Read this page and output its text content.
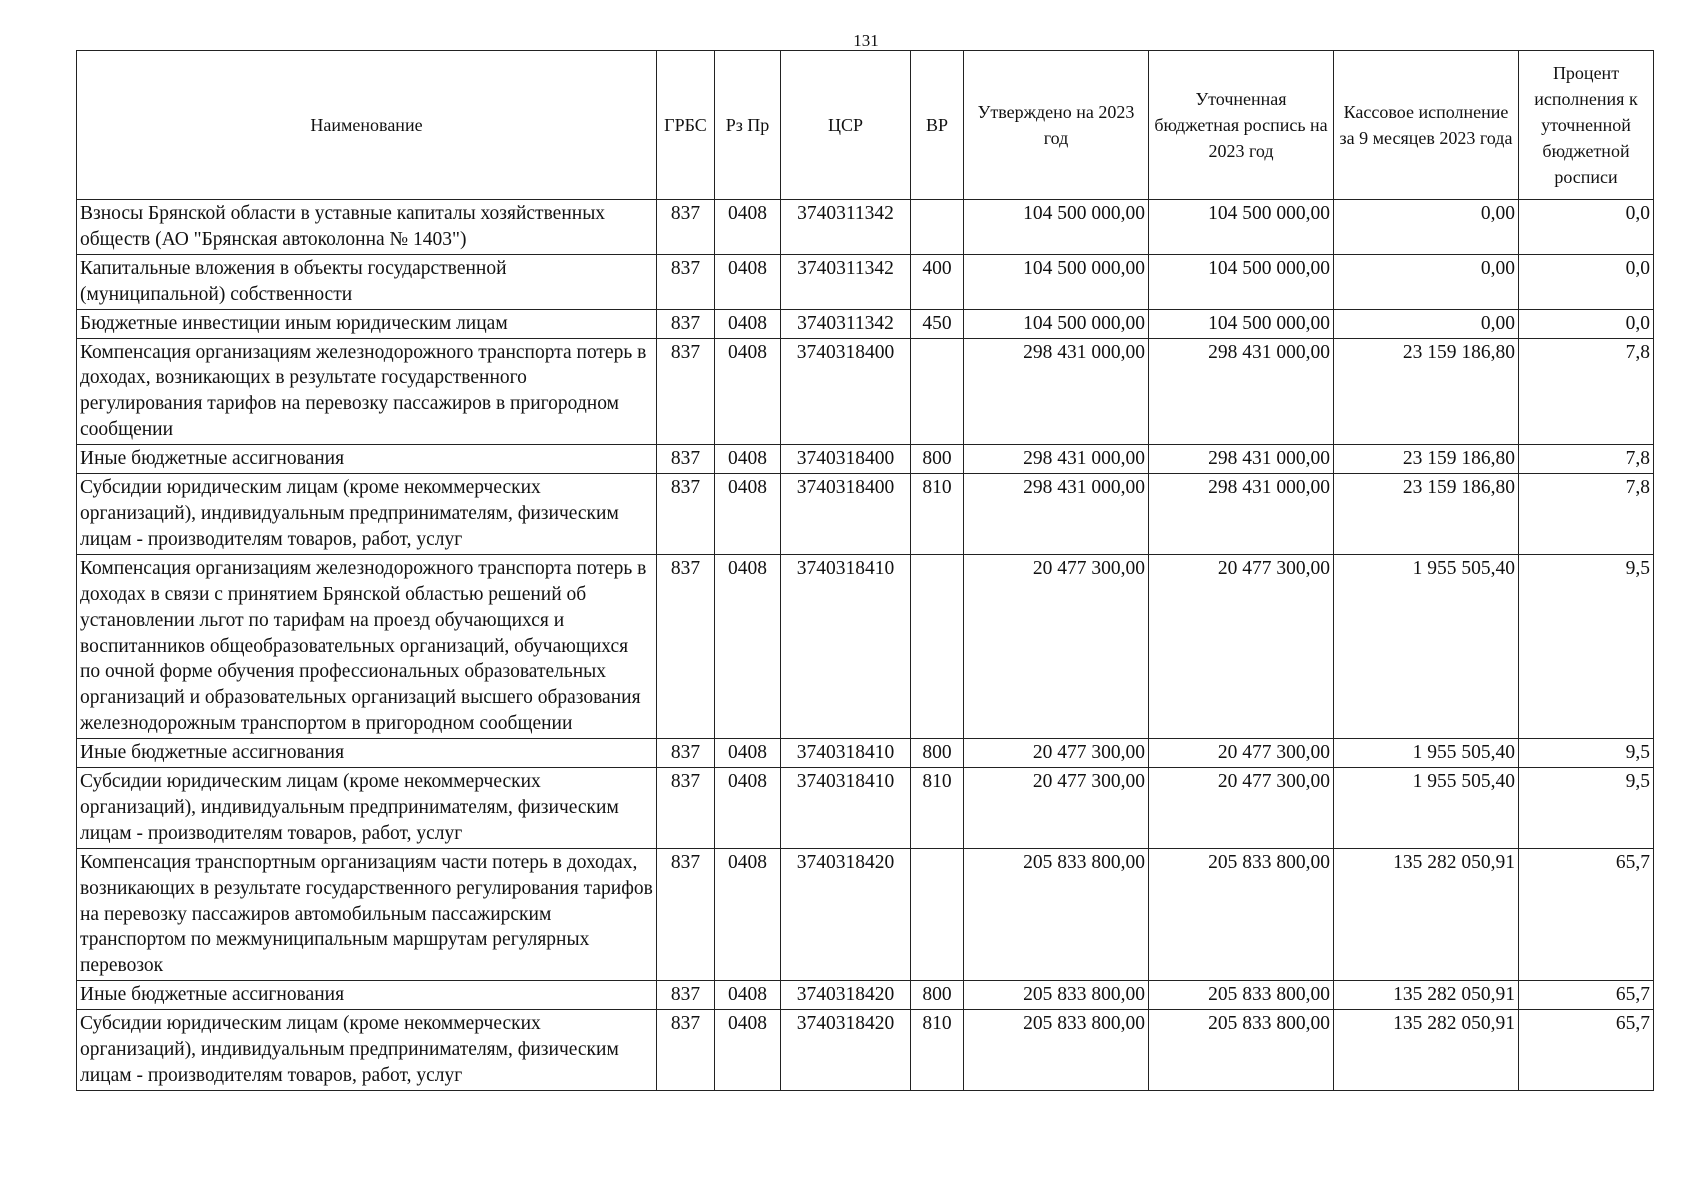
131
Наименование	ГРБС	Рз Пр	ЦСР	ВР	Утверждено на 2023 год	Уточненная бюджетная роспись на 2023 год	Кассовое исполнение за 9 месяцев 2023 года	Процент исполнения к уточненной бюджетной росписи
Взносы Брянской области в уставные капиталы хозяйственных обществ (АО "Брянская автоколонна № 1403")	837	0408	3740311342		104 500 000,00	104 500 000,00	0,00	0,0
Капитальные вложения в объекты государственной (муниципальной) собственности	837	0408	3740311342	400	104 500 000,00	104 500 000,00	0,00	0,0
Бюджетные инвестиции иным юридическим лицам	837	0408	3740311342	450	104 500 000,00	104 500 000,00	0,00	0,0
Компенсация организациям железнодорожного транспорта потерь в доходах, возникающих в результате государственного регулирования тарифов на перевозку пассажиров в пригородном сообщении	837	0408	3740318400		298 431 000,00	298 431 000,00	23 159 186,80	7,8
Иные бюджетные ассигнования	837	0408	3740318400	800	298 431 000,00	298 431 000,00	23 159 186,80	7,8
Субсидии юридическим лицам (кроме некоммерческих организаций), индивидуальным предпринимателям, физическим лицам - производителям товаров, работ, услуг	837	0408	3740318400	810	298 431 000,00	298 431 000,00	23 159 186,80	7,8
Компенсация организациям железнодорожного транспорта потерь в доходах в связи с принятием Брянской областью решений об установлении льгот по тарифам на проезд обучающихся и воспитанников общеобразовательных организаций, обучающихся по очной форме обучения профессиональных образовательных организаций и образовательных организаций высшего образования железнодорожным транспортом в пригородном сообщении	837	0408	3740318410		20 477 300,00	20 477 300,00	1 955 505,40	9,5
Иные бюджетные ассигнования	837	0408	3740318410	800	20 477 300,00	20 477 300,00	1 955 505,40	9,5
Субсидии юридическим лицам (кроме некоммерческих организаций), индивидуальным предпринимателям, физическим лицам - производителям товаров, работ, услуг	837	0408	3740318410	810	20 477 300,00	20 477 300,00	1 955 505,40	9,5
Компенсация транспортным организациям части потерь в доходах, возникающих в результате государственного регулирования тарифов на перевозку пассажиров автомобильным пассажирским транспортом по межмуниципальным маршрутам регулярных перевозок	837	0408	3740318420		205 833 800,00	205 833 800,00	135 282 050,91	65,7
Иные бюджетные ассигнования	837	0408	3740318420	800	205 833 800,00	205 833 800,00	135 282 050,91	65,7
Субсидии юридическим лицам (кроме некоммерческих организаций), индивидуальным предпринимателям, физическим лицам - производителям товаров, работ, услуг	837	0408	3740318420	810	205 833 800,00	205 833 800,00	135 282 050,91	65,7
